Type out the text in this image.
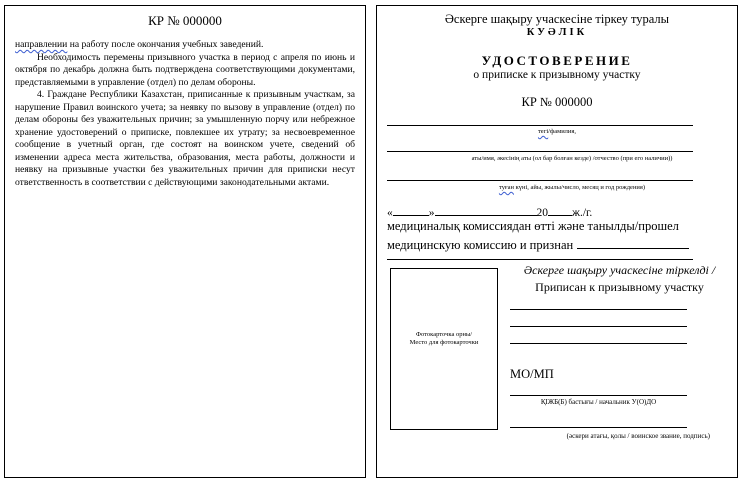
КР № 000000

направлении на работу после окончания учебных заведений.

Необходимость перемены призывного участка в период с апреля по июнь и октября по декабрь должна быть подтверждена соответствующими документами, представляемыми в управление (отдел) по делам обороны.

4. Граждане Республики Казахстан, приписанные к призывным участкам, за нарушение Правил воинского учета; за неявку по вызову в управление (отдел) по делам обороны без уважительных причин; за умышленную порчу или небрежное хранение удостоверений о приписке, повлекшее их утрату; за несвоевременное сообщение в учетный орган, где состоят на воинском учете, сведений об изменении адреса места жительства, образования, места работы, должности и неявку на призывные участки без уважительных причин для приписки несут ответственность в соответствии с действующими законодательными актами.

Әскерге шақыру учаскесіне тіркеу туралы
КУӘЛІК
УДОСТОВЕРЕНИЕ
о приписке к призывному участку
КР № 000000
тегі/фамилия,
аты/имя, әкесінің аты (ол бар болған кезде) /отчество (при его наличии))
туған күні, айы, жылы/число, месяц и год рождения)
«	»	20 ж./г.
медициналық комиссиядан өтті және танылды/прошел
медицинскую комиссию и признан
Фотокарточка орны/
Место для фотокарточки
Әскерге шақыру учаскесіне тіркелді /
Приписан к призывному участку
МО/МП
ҚІЖБ(Б) бастығы / начальник У(О)ДО
(әскери атағы, қолы / воинское звание, подпись)
